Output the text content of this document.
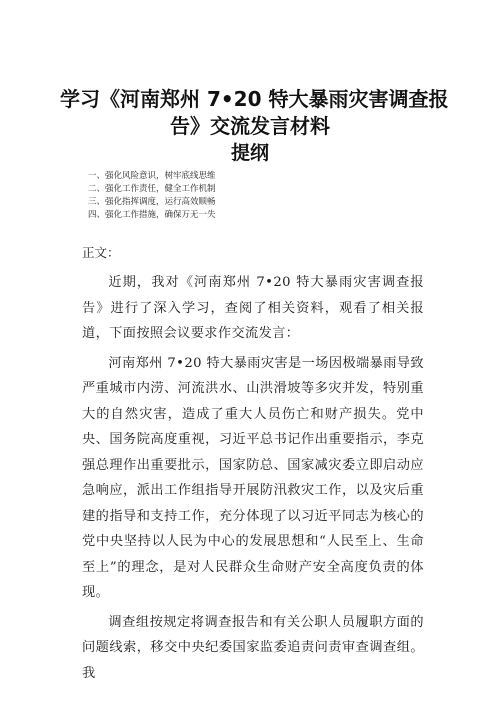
学习《河南郑州 7•20 特大暴雨灾害调查报
告》交流发言材料
提纲
一、强化风险意识，树牢底线思维
二、强化工作责任，健全工作机制
三、强化指挥调度，运行高效顺畅
四、强化工作措施，确保万无一失
正文：

近期，我对《河南郑州 7•20 特大暴雨灾害调查报告》进行了深入学习，查阅了相关资料，观看了相关报道，下面按照会议要求作交流发言：

河南郑州 7•20 特大暴雨灾害是一场因极端暴雨导致严重城市内涝、河流洪水、山洪滑坡等多灾并发，特别重大的自然灾害，造成了重大人员伤亡和财产损失。党中央、国务院高度重视，习近平总书记作出重要指示，李克强总理作出重要批示，国家防总、国家减灾委立即启动应急响应，派出工作组指导开展防汛救灾工作，以及灾后重建的指导和支持工作，充分体现了以习近平同志为核心的党中央坚持以人民为中心的发展思想和“人民至上、生命至上”的理念，是对人民群众生命财产安全高度负责的体现。

调查组按规定将调查报告和有关公职人员履职方面的问题线索，移交中央纪委国家监委追责问责审查调查组。我
